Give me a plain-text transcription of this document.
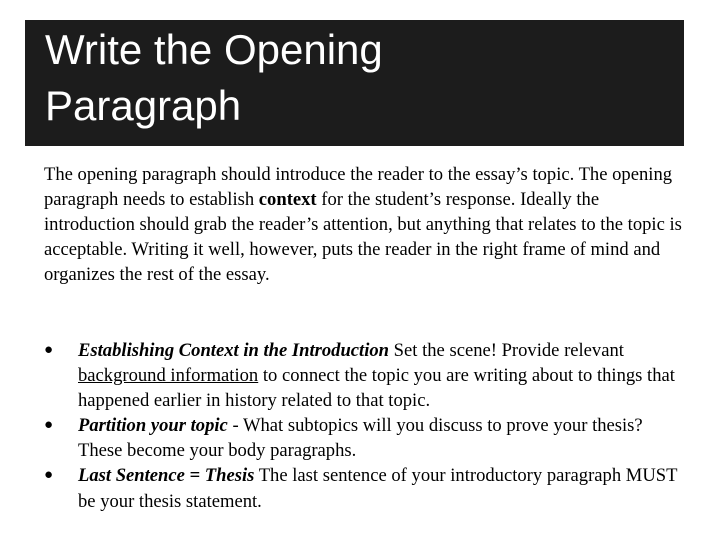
Write the Opening
Paragraph

The opening paragraph should introduce the reader to the essay’s topic. The opening paragraph needs to establish context for the student’s response. Ideally the introduction should grab the reader’s attention, but anything that relates to the topic is acceptable. Writing it well, however, puts the reader in the right frame of mind and organizes the rest of the essay.

● Establishing Context in the Introduction Set the scene! Provide relevant background information to connect the topic you are writing about to things that happened earlier in history related to that topic.
● Partition your topic - What subtopics will you discuss to prove your thesis? These become your body paragraphs.
● Last Sentence = Thesis The last sentence of your introductory paragraph MUST be your thesis statement.
